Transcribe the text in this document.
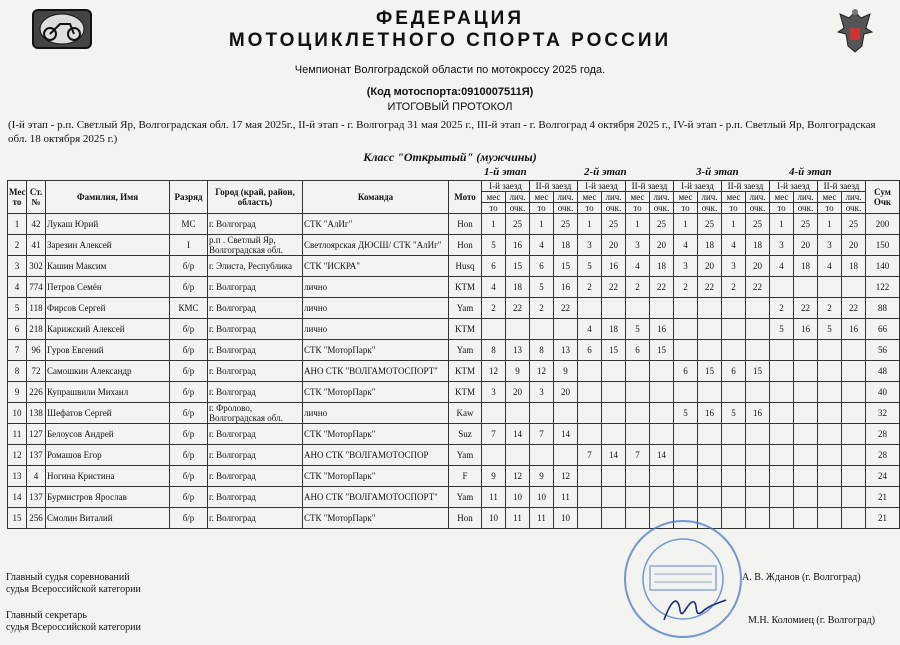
ФЕДЕРАЦИЯ
МОТОЦИКЛЕТНОГО СПОРТА РОССИИ
Чемпионат Волгоградской области по мотокроссу 2025 года.
(Код мотоспорта:0910007511Я)
ИТОГОВЫЙ ПРОТОКОЛ
(I-й этап - р.п. Светлый Яр, Волгоградская обл. 17 мая 2025г., II-й этап - г. Волгоград 31 мая 2025 г., III-й этап - г. Волгоград 4 октября 2025 г., IV-й этап - р.п. Светлый Яр, Волгоградская обл. 18 октября 2025 г.)
Класс "Открытый" (мужчины)
1-й этап	2-й этап	3-й этап	4-й этап
Мес то	Ст. №	Фамилия, Имя	Разряд	Город (край, район, область)	Команда	Мото	I-й заезд		II-й заезд		I-й заезд		II-й заезд		I-й заезд		II-й заезд		I-й заезд		II-й заезд		Сум Очк
							мес	лич.	мес	лич.	мес	лич.	мес	лич.	мес	лич.	мес	лич.	мес	лич.	мес	лич.	
							то	очк.	то	очк.	то	очк.	то	очк.	то	очк.	то	очк.	то	очк.	то	очк.	
1	42	Лукаш Юрий	МС	г. Волгоград	СТК "АлИг"	Hon	1	25	1	25	1	25	1	25	1	25	1	25	1	25	1	25	200
2	41	Зарезин Алексей	I	р.п . Светлый Яр, Волгоградская обл.	Светлоярская ДЮСШ/ СТК "АлИг"	Hon	5	16	4	18	3	20	3	20	4	18	4	18	3	20	3	20	150
3	302	Кашин Максим	б/р	г. Элиста, Республика	СТК "ИСКРА"	Husq	6	15	6	15	5	16	4	18	3	20	3	20	4	18	4	18	140
4	774	Петров Семён	б/р	г. Волгоград	лично	KTM	4	18	5	16	2	22	2	22	2	22	2	22					122
5	118	Фирсов Сергей	КМС	г. Волгоград	лично	Yam	2	22	2	22									2	22	2	22	88
6	218	Карижский Алексей	б/р	г. Волгоград	лично	KTM					4	18	5	16					5	16	5	16	66
7	96	Гуров Евгений	б/р	г. Волгоград	СТК "МоторПарк"	Yam	8	13	8	13	6	15	6	15									56
8	72	Самошкин Александр	б/р	г. Волгоград	АНО СТК "ВОЛГАМОТОСПОРТ"	KTM	12	9	12	9					6	15	6	15					48
9	226	Купрашвили Михаил	б/р	г. Волгоград	СТК "МоторПарк"	KTM	3	20	3	20													40
10	138	Шефатов Сергей	б/р	г. Фролово, Волгоградская обл.	лично	Kaw									5	16	5	16					32
11	127	Белоусов Андрей	б/р	г. Волгоград	СТК "МоторПарк"	Suz	7	14	7	14													28
12	137	Ромашов Егор	б/р	г. Волгоград	АНО СТК "ВОЛГАМОТОСПОР	Yam					7	14	7	14									28
13	4	Ногина Кристина	б/р	г. Волгоград	СТК "МоторПарк"	F	9	12	9	12													24
14	137	Бурмистров Ярослав	б/р	г. Волгоград	АНО СТК "ВОЛГАМОТОСПОРТ"	Yam	11	10	10	11													21
15	256	Смолин Виталий	б/р	г. Волгоград	СТК "МоторПарк"	Hon	10	11	11	10													21
Главный судья соревнований
судья Всероссийской категории
А. В. Жданов (г. Волгоград)
Главный секретарь
судья Всероссийской категории
М.Н. Коломиец (г. Волгоград)
